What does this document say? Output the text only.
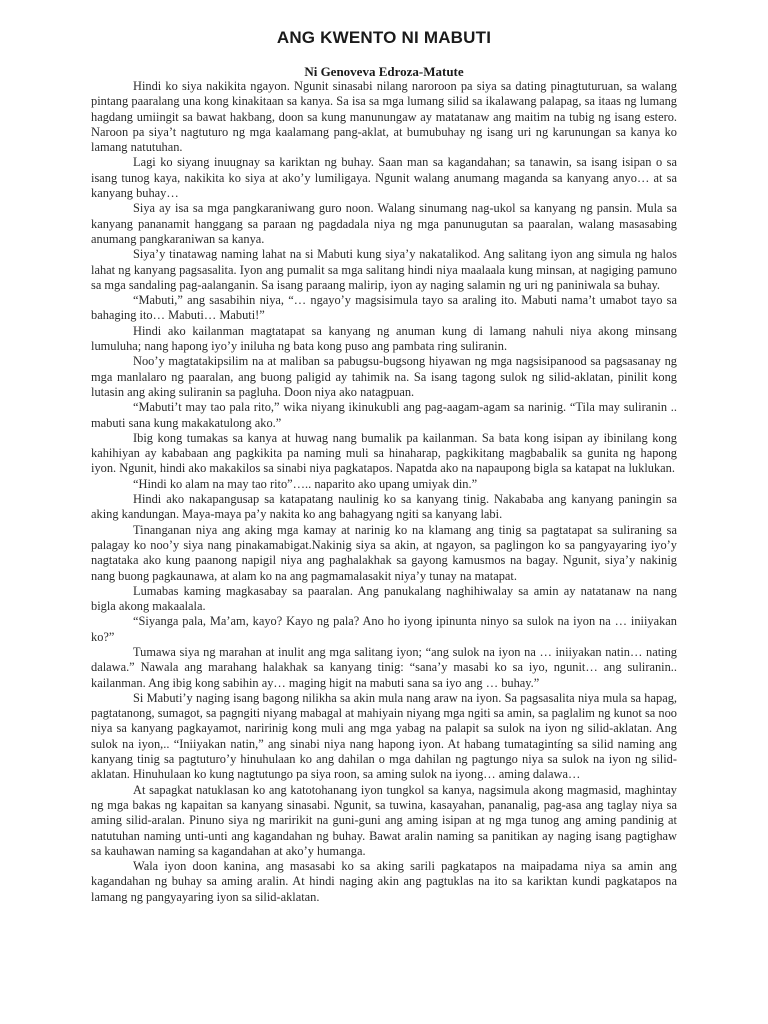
ANG KWENTO NI MABUTI
Ni Genoveva Edroza-Matute

Hindi ko siya nakikita ngayon. Ngunit sinasabi nilang naroroon pa siya sa dating pinagtuturuan, sa walang pintang paaralang una kong kinakitaan sa kanya. Sa isa sa mga lumang silid sa ikalawang palapag, sa itaas ng lumang hagdang umiingit sa bawat hakbang, doon sa kung manunungaw ay matatanaw ang maitim na tubig ng isang estero. Naroon pa siya’t nagtuturo ng mga kaalamang pang-aklat, at bumubuhay ng isang uri ng karunungan sa kanya ko lamang natutuhan.

Lagi ko siyang inuugnay sa kariktan ng buhay. Saan man sa kagandahan; sa tanawin, sa isang isipan o sa isang tunog kaya, nakikita ko siya at ako’y lumiligaya. Ngunit walang anumang maganda sa kanyang anyo… at sa kanyang buhay…

Siya ay isa sa mga pangkaraniwang guro noon. Walang sinumang nag-ukol sa kanyang ng pansin. Mula sa kanyang pananamit hanggang sa paraan ng pagdadala niya ng mga panunugutan sa paaralan, walang masasabing anumang pangkaraniwan sa kanya.

Siya’y tinatawag naming lahat na si Mabuti kung siya’y nakatalikod. Ang salitang iyon ang simula ng halos lahat ng kanyang pagsasalita. Iyon ang pumalit sa mga salitang hindi niya maalaala kung minsan, at nagiging pamuno sa mga sandaling pag-aalanganin. Sa isang paraang malirip, iyon ay naging salamin ng uri ng paniniwala sa buhay.

“Mabuti,” ang sasabihin niya, “… ngayo’y magsisimula tayo sa araling ito. Mabuti nama’t umabot tayo sa bahaging ito… Mabuti… Mabuti!”

Hindi ako kailanman magtatapat sa kanyang ng anuman kung di lamang nahuli niya akong minsang lumuluha; nang hapong iyo’y iniluha ng bata kong puso ang pambata ring suliranin.

Noo’y magtatakipsilim na at maliban sa pabugsu-bugsong hiyawan ng mga nagsisipanood sa pagsasanay ng mga manlalaro ng paaralan, ang buong paligid ay tahimik na. Sa isang tagong sulok ng silid-aklatan, pinilit kong lutasin ang aking suliranin sa pagluha. Doon niya ako natagpuan.

“Mabuti’t may tao pala rito,” wika niyang ikinukubli ang pag-aagam-agam sa narinig. “Tila may suliranin .. mabuti sana kung makakatulong ako.”

Ibig kong tumakas sa kanya at huwag nang bumalik pa kailanman. Sa bata kong isipan ay ibinilang kong kahihiyan ay kababaan ang pagkikita pa naming muli sa hinaharap, pagkikitang magbabalik sa gunita ng hapong iyon. Ngunit, hindi ako makakilos sa sinabi niya pagkatapos. Napatda ako na napaupong bigla sa katapat na luklukan.

“Hindi ko alam na may tao rito”….. naparito ako upang umiyak din.”

Hindi ako nakapangusap sa katapatang naulinig ko sa kanyang tinig. Nakababa ang kanyang paningin sa aking kandungan. Maya-maya pa’y nakita ko ang bahagyang ngiti sa kanyang labi.

Tinanganan niya ang aking mga kamay at narinig ko na klamang ang tinig sa pagtatapat sa suliraning sa palagay ko noo’y siya nang pinakamabigat.Nakinig siya sa akin, at ngayon, sa paglingon ko sa pangyayaring iyo’y nagtataka ako kung paanong napigil niya ang paghalakhak sa gayong kamusmos na bagay. Ngunit, siya’y nakinig nang buong pagkaunawa, at alam ko na ang pagmamalasakit niya’y tunay na matapat.

Lumabas kaming magkasabay sa paaralan. Ang panukalang naghihiwalay sa amin ay natatanaw na nang bigla akong makaalala.

“Siyanga pala, Ma’am, kayo? Kayo ng pala? Ano ho iyong ipinunta ninyo sa sulok na iyon na … iniiyakan ko?”

Tumawa siya ng marahan at inulit ang mga salitang iyon; “ang sulok na iyon na … iniiyakan natin… nating dalawa.” Nawala ang marahang halakhak sa kanyang tinig: “sana’y masabi ko sa iyo, ngunit… ang suliranin.. kailanman. Ang ibig kong sabihin ay… maging higit na mabuti sana sa iyo ang … buhay.”

Si Mabuti’y naging isang bagong nilikha sa akin mula nang araw na iyon. Sa pagsasalita niya mula sa hapag, pagtatanong, sumagot, sa pagngiti niyang mabagal at mahiyain niyang mga ngiti sa amin, sa paglalim ng kunot sa noo niya sa kanyang pagkayamot, naririnig kong muli ang mga yabag na palapit sa sulok na iyon ng silid-aklatan. Ang sulok na iyon,.. “Iniiyakan natin,” ang sinabi niya nang hapong iyon. At habang tumatagintíng sa silid naming ang kanyang tinig sa pagtuturo’y hinuhulaan ko ang dahilan o mga dahilan ng pagtungo niya sa sulok na iyon ng silid-aklatan. Hinuhulaan ko kung nagtutungo pa siya roon, sa aming sulok na iyong… aming dalawa…

At sapagkat natuklasan ko ang katotohanang iyon tungkol sa kanya, nagsimula akong magmasid, maghintay ng mga bakas ng kapaitan sa kanyang sinasabi. Ngunit, sa tuwina, kasayahan, pananalig, pag-asa ang taglay niya sa aming silid-aralan. Pinuno siya ng maririkit na guni-guni ang aming isipan at ng mga tunog ang aming pandinig at natutuhan naming unti-unti ang kagandahan ng buhay. Bawat aralin naming sa panitikan ay naging isang pagtighaw sa kauhawan naming sa kagandahan at ako’y humanga.

Wala iyon doon kanina, ang masasabi ko sa aking sarili pagkatapos na maipadama niya sa amin ang kagandahan ng buhay sa aming aralin. At hindi naging akin ang pagtuklas na ito sa kariktan kundi pagkatapos na lamang ng pangyayaring iyon sa silid-aklatan.
